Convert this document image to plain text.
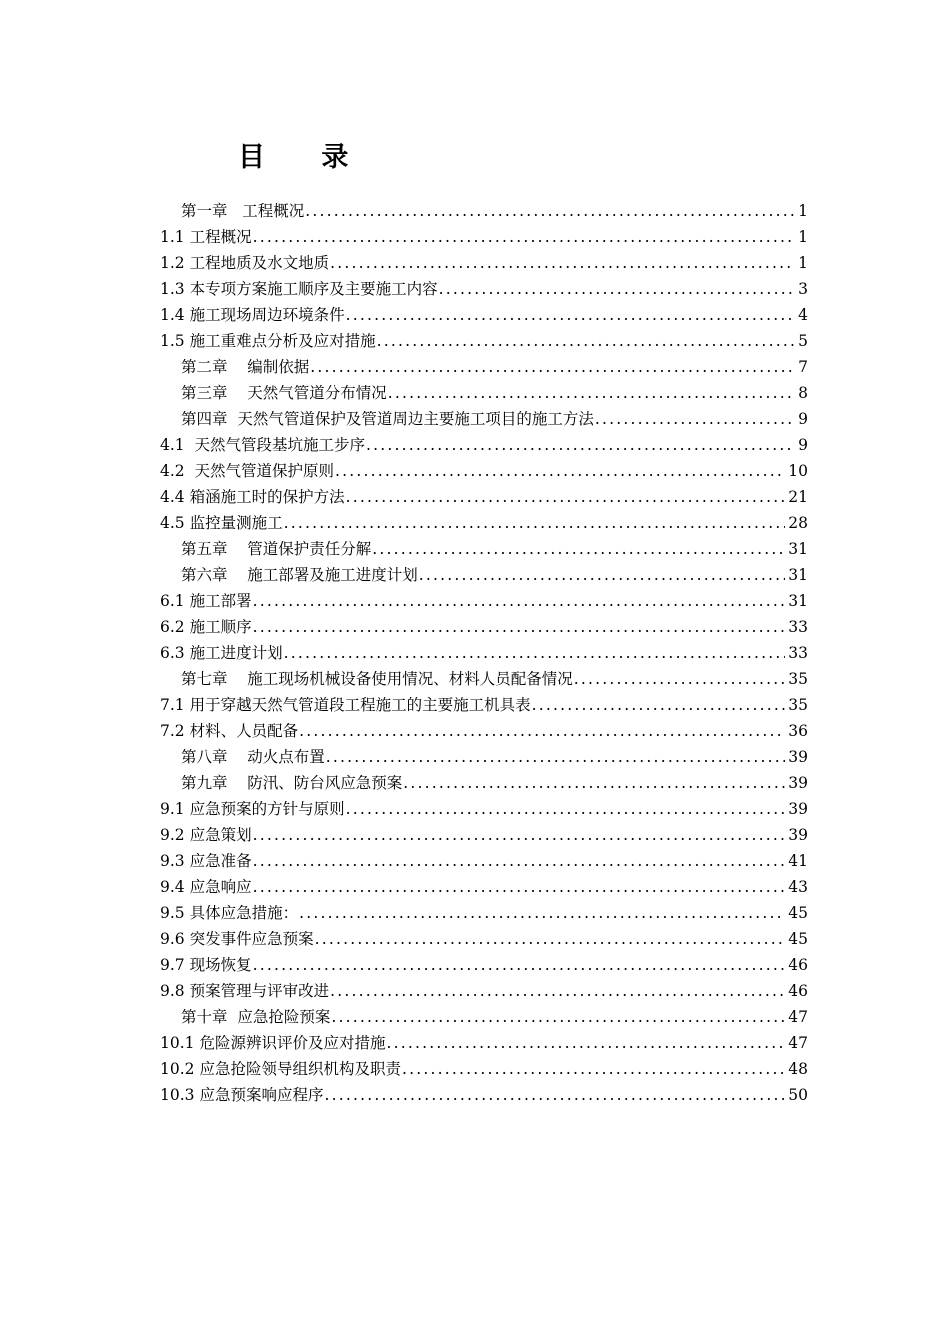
目      录
第一章   工程概况 .....	1
1.1 工程概况 .....	1
1.2 工程地质及水文地质 .....	1
1.3 本专项方案施工顺序及主要施工内容 .....	3
1.4 施工现场周边环境条件 .....	4
1.5 施工重难点分析及应对措施 .....	5
第二章    编制依据 .....	7
第三章    天然气管道分布情况 .....	8
第四章  天然气管道保护及管道周边主要施工项目的施工方法 .....	9
4.1  天然气管段基坑施工步序 .....	9
4.2  天然气管道保护原则 .....	10
4.4 箱涵施工时的保护方法 .....	21
4.5 监控量测施工 .....	28
第五章    管道保护责任分解 .....	31
第六章    施工部署及施工进度计划 .....	31
6.1 施工部署 .....	31
6.2 施工顺序 .....	33
6.3 施工进度计划 .....	33
第七章    施工现场机械设备使用情况、材料人员配备情况 .....	35
7.1 用于穿越天然气管道段工程施工的主要施工机具表 .....	35
7.2 材料、人员配备 .....	36
第八章    动火点布置 .....	39
第九章    防汛、防台风应急预案 .....	39
9.1 应急预案的方针与原则 .....	39
9.2 应急策划 .....	39
9.3 应急准备 .....	41
9.4 应急响应 .....	43
9.5 具体应急措施： .....	45
9.6 突发事件应急预案 .....	45
9.7 现场恢复 .....	46
9.8 预案管理与评审改进 .....	46
第十章  应急抢险预案 .....	47
10.1 危险源辨识评价及应对措施 .....	47
10.2 应急抢险领导组织机构及职责 .....	48
10.3 应急预案响应程序 .....	50
